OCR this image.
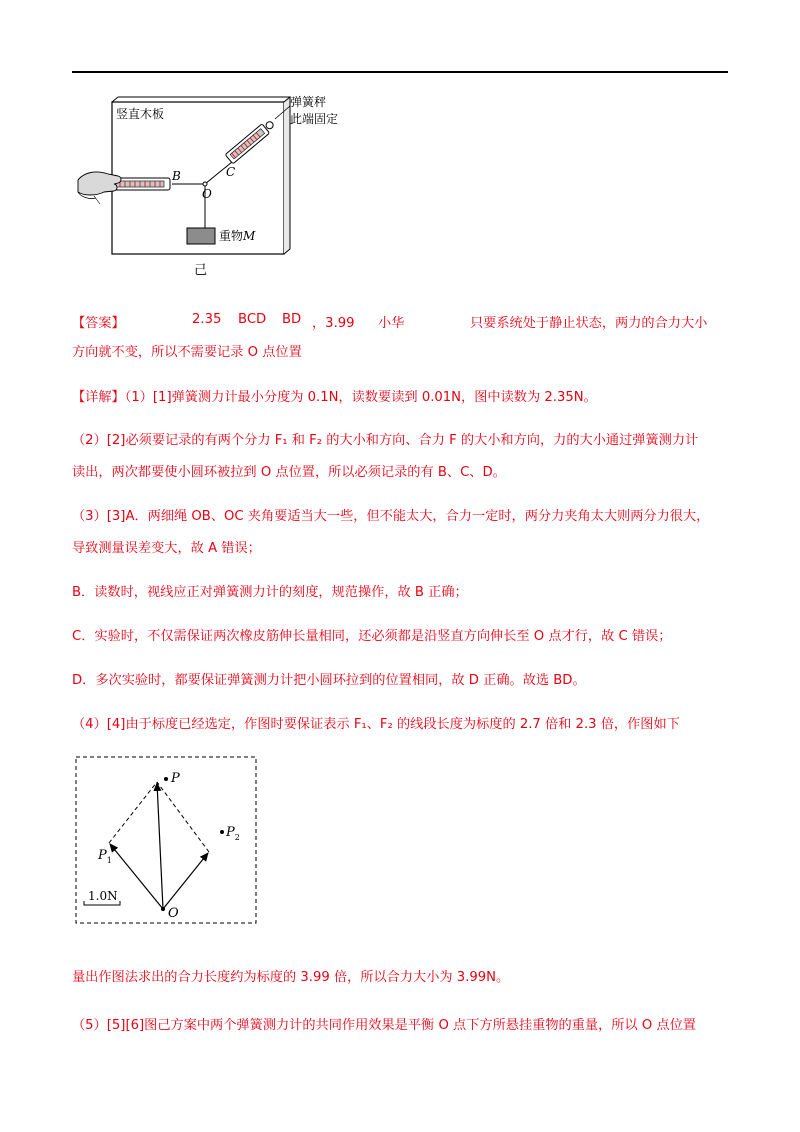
竖直木板
弹簧秤
此端固定
B
O
C
重物M
己
【答案】	2.35 BCD BD ，3.99 小华	只要系统处于静止状态，两力的合力大小

方向就不变，所以不需要记录 O 点位置

【详解】（1）[1]弹簧测力计最小分度为 0.1N，读数要读到 0.01N，图中读数为 2.35N。

（2）[2]必须要记录的有两个分力 F₁ 和 F₂ 的大小和方向、合力 F 的大小和方向，力的大小通过弹簧测力计

读出，两次都要使小圆环被拉到 O 点位置，所以必须记录的有 B、C、D。

（3）[3]A．两细绳 OB、OC 夹角要适当大一些，但不能太大，合力一定时，两分力夹角太大则两分力很大，

导致测量误差变大，故 A 错误；

B．读数时，视线应正对弹簧测力计的刻度，规范操作，故 B 正确；

C．实验时，不仅需保证两次橡皮筋伸长量相同，还必须都是沿竖直方向伸长至 O 点才行，故 C 错误；

D．多次实验时，都要保证弹簧测力计把小圆环拉到的位置相同，故 D 正确。故选 BD。

（4）[4]由于标度已经选定，作图时要保证表示 F₁、F₂ 的线段长度为标度的 2.7 倍和 2.3 倍，作图如下

P
$P_2$
$P_1$
O
1.0N

量出作图法求出的合力长度约为标度的 3.99 倍，所以合力大小为 3.99N。

（5）[5][6]图己方案中两个弹簧测力计的共同作用效果是平衡 O 点下方所悬挂重物的重量，所以 O 点位置
